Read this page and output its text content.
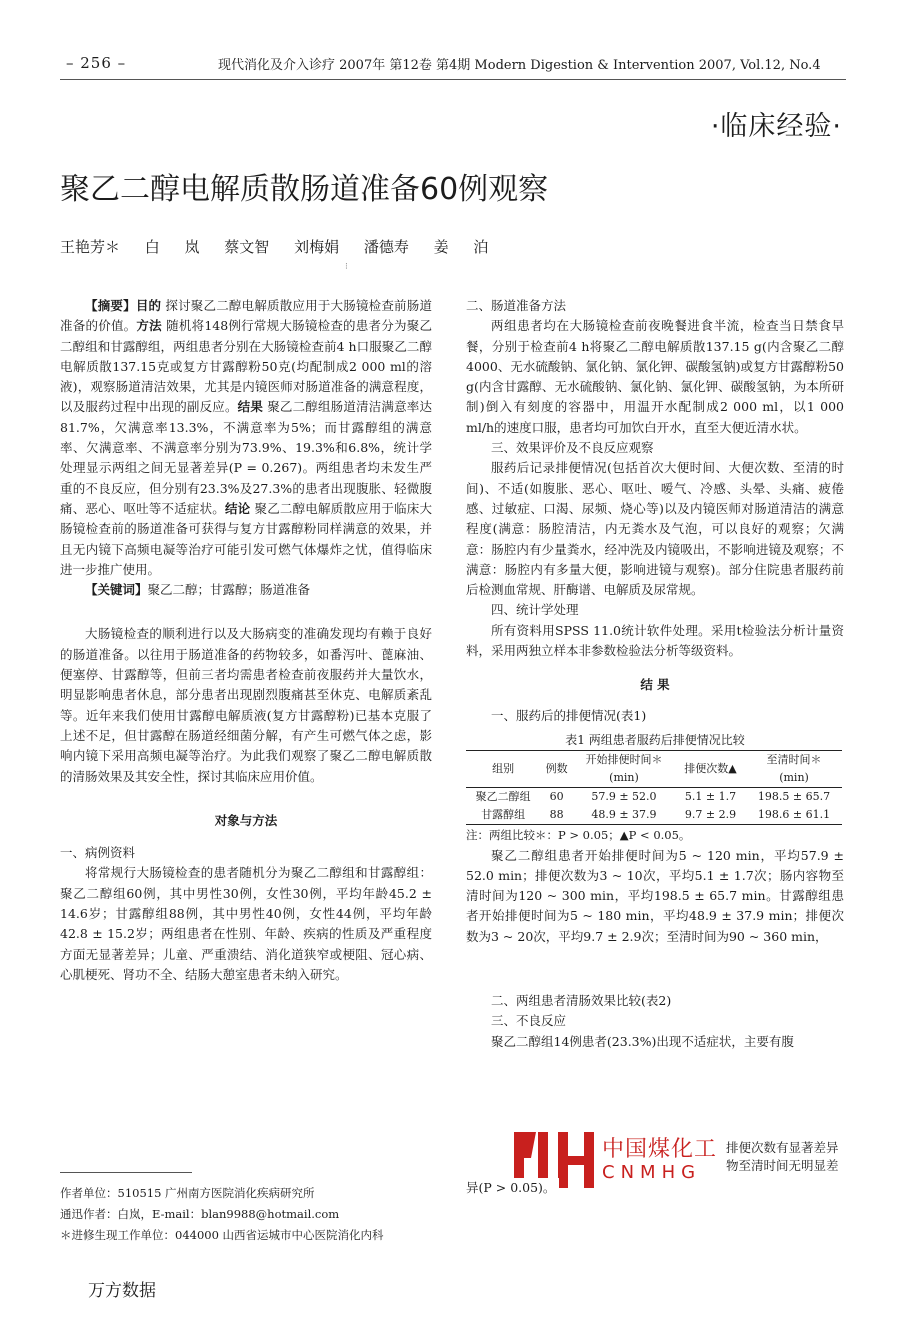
– 256 –	现代消化及介入诊疗 2007年 第12卷 第4期 Modern Digestion & Intervention 2007, Vol.12, No.4
·临床经验·
聚乙二醇电解质散肠道准备60例观察
王艳芳＊ 白 岚 蔡文智 刘梅娟 潘德寿 姜 泊
⁝

【摘要】目的 探讨聚乙二醇电解质散应用于大肠镜检查前肠道准备的价值。方法 随机将148例行常规大肠镜检查的患者分为聚乙二醇组和甘露醇组，两组患者分别在大肠镜检查前4 h口服聚乙二醇电解质散137.15克或复方甘露醇粉50克(均配制成2 000 ml的溶液)，观察肠道清洁效果，尤其是内镜医师对肠道准备的满意程度，以及服药过程中出现的副反应。结果 聚乙二醇组肠道清洁满意率达81.7%，欠满意率13.3%，不满意率为5%；而甘露醇组的满意率、欠满意率、不满意率分别为73.9%、19.3%和6.8%，统计学处理显示两组之间无显著差异(P = 0.267)。两组患者均未发生严重的不良反应，但分别有23.3%及27.3%的患者出现腹胀、轻微腹痛、恶心、呕吐等不适症状。结论 聚乙二醇电解质散应用于临床大肠镜检查前的肠道准备可获得与复方甘露醇粉同样满意的效果，并且无内镜下高频电凝等治疗可能引发可燃气体爆炸之忧，值得临床进一步推广使用。

【关键词】聚乙二醇；甘露醇；肠道准备

大肠镜检查的顺利进行以及大肠病变的准确发现均有赖于良好的肠道准备。以往用于肠道准备的药物较多，如番泻叶、蓖麻油、便塞停、甘露醇等，但前三者均需患者检查前夜服药并大量饮水，明显影响患者休息，部分患者出现剧烈腹痛甚至休克、电解质紊乱等。近年来我们使用甘露醇电解质液(复方甘露醇粉)已基本克服了上述不足，但甘露醇在肠道经细菌分解，有产生可燃气体之虑，影响内镜下采用高频电凝等治疗。为此我们观察了聚乙二醇电解质散的清肠效果及其安全性，探讨其临床应用价值。

对象与方法

一、病例资料

将常规行大肠镜检查的患者随机分为聚乙二醇组和甘露醇组：聚乙二醇组60例，其中男性30例，女性30例，平均年龄45.2 ± 14.6岁；甘露醇组88例，其中男性40例，女性44例，平均年龄42.8 ± 15.2岁；两组患者在性别、年龄、疾病的性质及严重程度方面无显著差异；儿童、严重溃结、消化道狭窄或梗阻、冠心病、心肌梗死、肾功不全、结肠大憩室患者未纳入研究。

作者单位：510515 广州南方医院消化疾病研究所

通迅作者：白岚，E-mail：blan9988@hotmail.com

＊进修生现工作单位：044000 山西省运城市中心医院消化内科

万方数据

二、肠道准备方法

两组患者均在大肠镜检查前夜晚餐进食半流，检查当日禁食早餐，分别于检查前4 h将聚乙二醇电解质散137.15 g(内含聚乙二醇4000、无水硫酸钠、氯化钠、氯化钾、碳酸氢钠)或复方甘露醇粉50 g(内含甘露醇、无水硫酸钠、氯化钠、氯化钾、碳酸氢钠，为本所研制)倒入有刻度的容器中，用温开水配制成2 000 ml，以1 000 ml/h的速度口服，患者均可加饮白开水，直至大便近清水状。

三、效果评价及不良反应观察

服药后记录排便情况(包括首次大便时间、大便次数、至清的时间)、不适(如腹胀、恶心、呕吐、嗳气、冷感、头晕、头痛、疲倦感、过敏症、口渴、尿频、烧心等)以及内镜医师对肠道清洁的满意程度(满意：肠腔清洁，内无粪水及气泡，可以良好的观察；欠满意：肠腔内有少量粪水，经冲洗及内镜吸出，不影响进镜及观察；不满意：肠腔内有多量大便，影响进镜与观察)。部分住院患者服药前后检测血常规、肝酶谱、电解质及尿常规。

四、统计学处理

所有资料用SPSS 11.0统计软件处理。采用t检验法分析计量资料，采用两独立样本非参数检验法分析等级资料。

结 果

一、服药后的排便情况(表1)

表1 两组患者服药后排便情况比较

组别	例数	开始排便时间＊	排便次数▲	至清时间＊
		(min)		(min)
聚乙二醇组	60	57.9 ± 52.0	5.1 ± 1.7	198.5 ± 65.7
甘露醇组	88	48.9 ± 37.9	9.7 ± 2.9	198.6 ± 61.1

注：两组比较＊：P > 0.05；▲P < 0.05。

聚乙二醇组患者开始排便时间为5 ~ 120 min，平均57.9 ± 52.0 min；排便次数为3 ~ 10次，平均5.1 ± 1.7次；肠内容物至清时间为120 ~ 300 min，平均198.5 ± 65.7 min。甘露醇组患者开始排便时间为5 ~ 180 min，平均48.9 ± 37.9 min；排便次数为3 ~ 20次，平均9.7 ± 2.9次；至清时间为90 ~ 360 min，

二、两组患者清肠效果比较(表2)

三、不良反应

聚乙二醇组14例患者(23.3%)出现不适症状，主要有腹

中国煤化工
CNMHG
排便次数有显著差异
物至清时间无明显差
异(P > 0.05)。
